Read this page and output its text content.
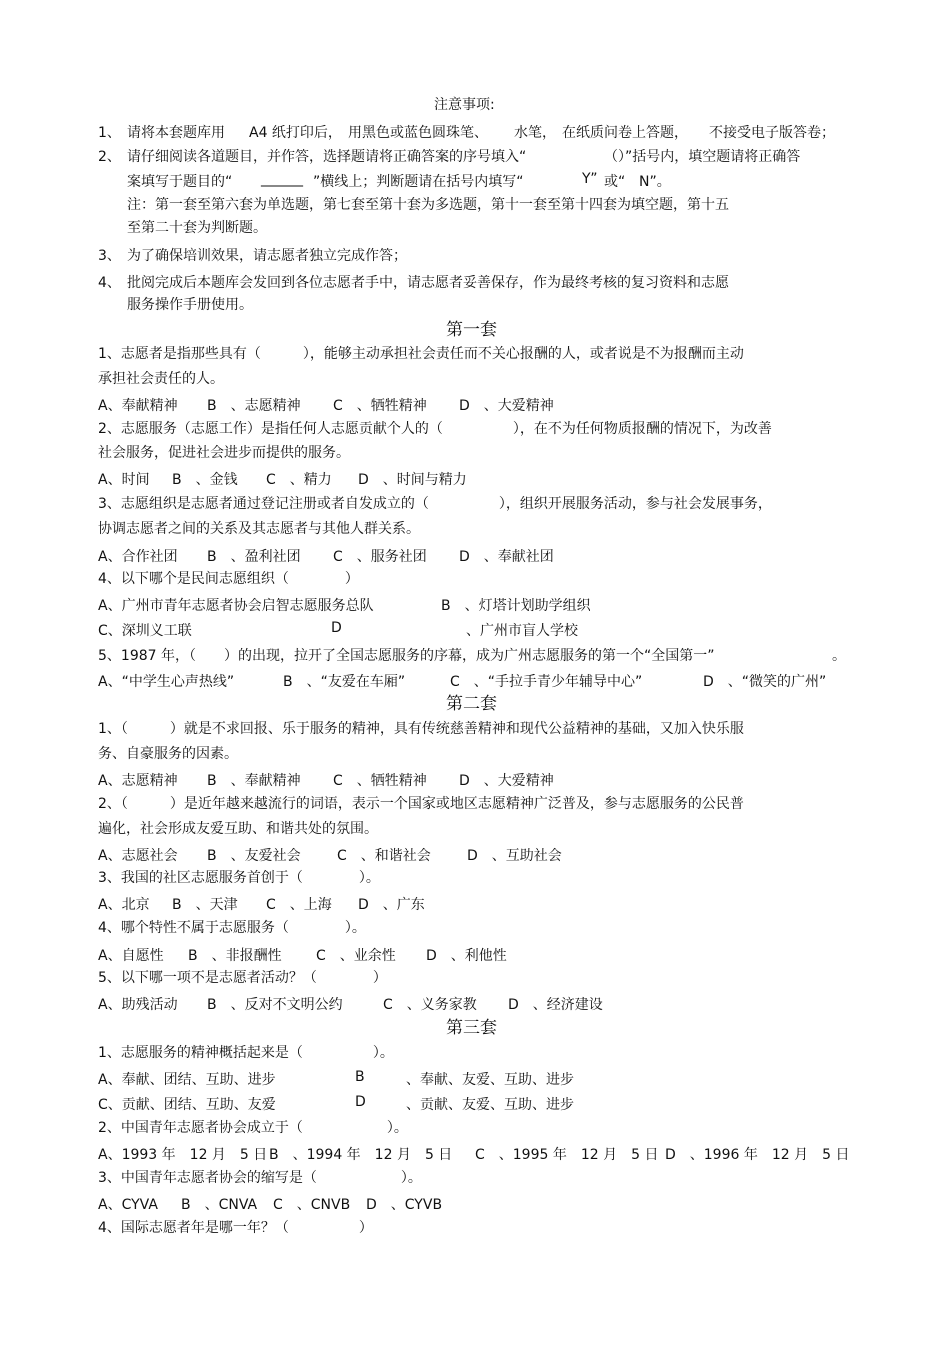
注意事项:
1、 请将本套题库用 A4 纸打印后， 用黑色或蓝色圆珠笔、 水笔， 在纸质问卷上答题， 不接受电子版答卷；
2、 请仔细阅读各道题目，并作答，选择题请将正确答案的序号填入“	（）”括号内，填空题请将正确答
案填写于题目的“ ______ ”横线上；判断题请在括号内填写“	Y” 或“ N”。
注：第一套至第六套为单选题，第七套至第十套为多选题，第十一套至第十四套为填空题，第十五
至第二十套为判断题。
3、 为了确保培训效果，请志愿者独立完成作答；
4、 批阅完成后本题库会发回到各位志愿者手中，请志愿者妥善保存，作为最终考核的复习资料和志愿
服务操作手册使用。
第一套
1、志愿者是指那些具有（　　　），能够主动承担社会责任而不关心报酬的人，或者说是不为报酬而主动
承担社会责任的人。
A、奉献精神 B　、志愿精神 C　、牺牲精神 D　、大爱精神
2、志愿服务（志愿工作）是指任何人志愿贡献个人的（　　　　　），在不为任何物质报酬的情况下，为改善
社会服务，促进社会进步而提供的服务。
A、时间 B　、金钱 C　、精力 D　、时间与精力
3、志愿组织是志愿者通过登记注册或者自发成立的（　　　　　），组织开展服务活动，参与社会发展事务，
协调志愿者之间的关系及其志愿者与其他人群关系。
A、合作社团 B　、盈利社团 C　、服务社团 D　、奉献社团
4、以下哪个是民间志愿组织（　　　　）
A、广州市青年志愿者协会启智志愿服务总队	B　、灯塔计划助学组织
C、深圳义工联	D	、广州市盲人学校
5、1987 年，（　　）的出现，拉开了全国志愿服务的序幕，成为广州志愿服务的第一个“全国第一”	。
A、“中学生心声热线”	B　、“友爱在车厢”	C　、“手拉手青少年辅导中心”	D　、“微笑的广州”
第二套
1、（　　　）就是不求回报、乐于服务的精神，具有传统慈善精神和现代公益精神的基础，又加入快乐服
务、自豪服务的因素。
A、志愿精神 B　、奉献精神 C　、牺牲精神 D　、大爱精神
2、（　　　）是近年越来越流行的词语，表示一个国家或地区志愿精神广泛普及，参与志愿服务的公民普
遍化，社会形成友爱互助、和谐共处的氛围。
A、志愿社会 B　、友爱社会	C　、和谐社会	D　、互助社会
3、我国的社区志愿服务首创于（　　　　）。
A、北京 B　、天津 C　、上海 D　、广东
4、哪个特性不属于志愿服务（　　　　）。
A、自愿性 B　、非报酬性 C　、业余性 D　、利他性
5、以下哪一项不是志愿者活动？（　　　　）
A、助残活动 B　、反对不文明公约	C　、义务家教 D　、经济建设
第三套
1、志愿服务的精神概括起来是（　　　　　）。
A、奉献、团结、互助、进步	B	、奉献、友爱、互助、进步
C、贡献、团结、互助、友爱	D	、贡献、友爱、互助、进步
2、中国青年志愿者协会成立于（　　　　　　）。
A、1993 年　12 月　5 日 B　、1994 年　12 月　5 日 C　、1995 年　12 月　5 日 D　、1996 年　12 月　5 日
3、中国青年志愿者协会的缩写是（　　　　　　）。
A、CYVA B　、CNVA C　、CNVB D　、CYVB
4、国际志愿者年是哪一年？（　　　　　）
